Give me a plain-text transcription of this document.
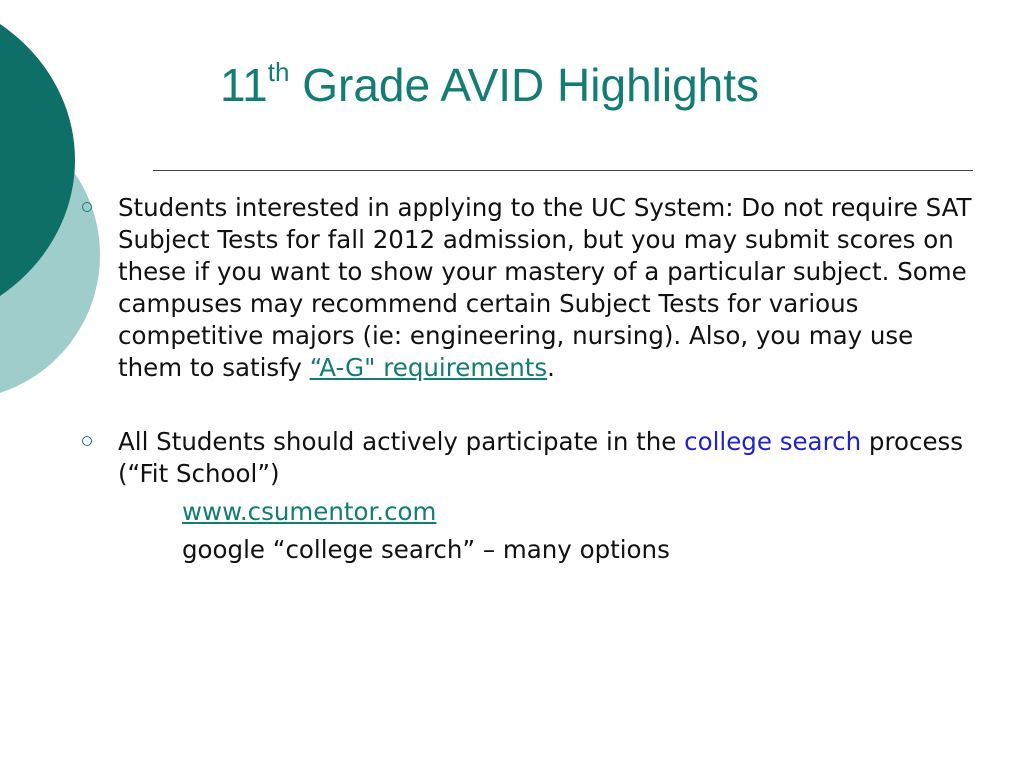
11th Grade AVID Highlights
Students interested in applying to the UC System: Do not require SAT Subject Tests for fall 2012 admission, but you may submit scores on these if you want to show your mastery of a particular subject. Some campuses may recommend certain Subject Tests for various competitive majors (ie: engineering, nursing). Also, you may use them to satisfy “A-G" requirements.
All Students should actively participate in the college search process (“Fit School”)
www.csumentor.com
google “college search” – many options
